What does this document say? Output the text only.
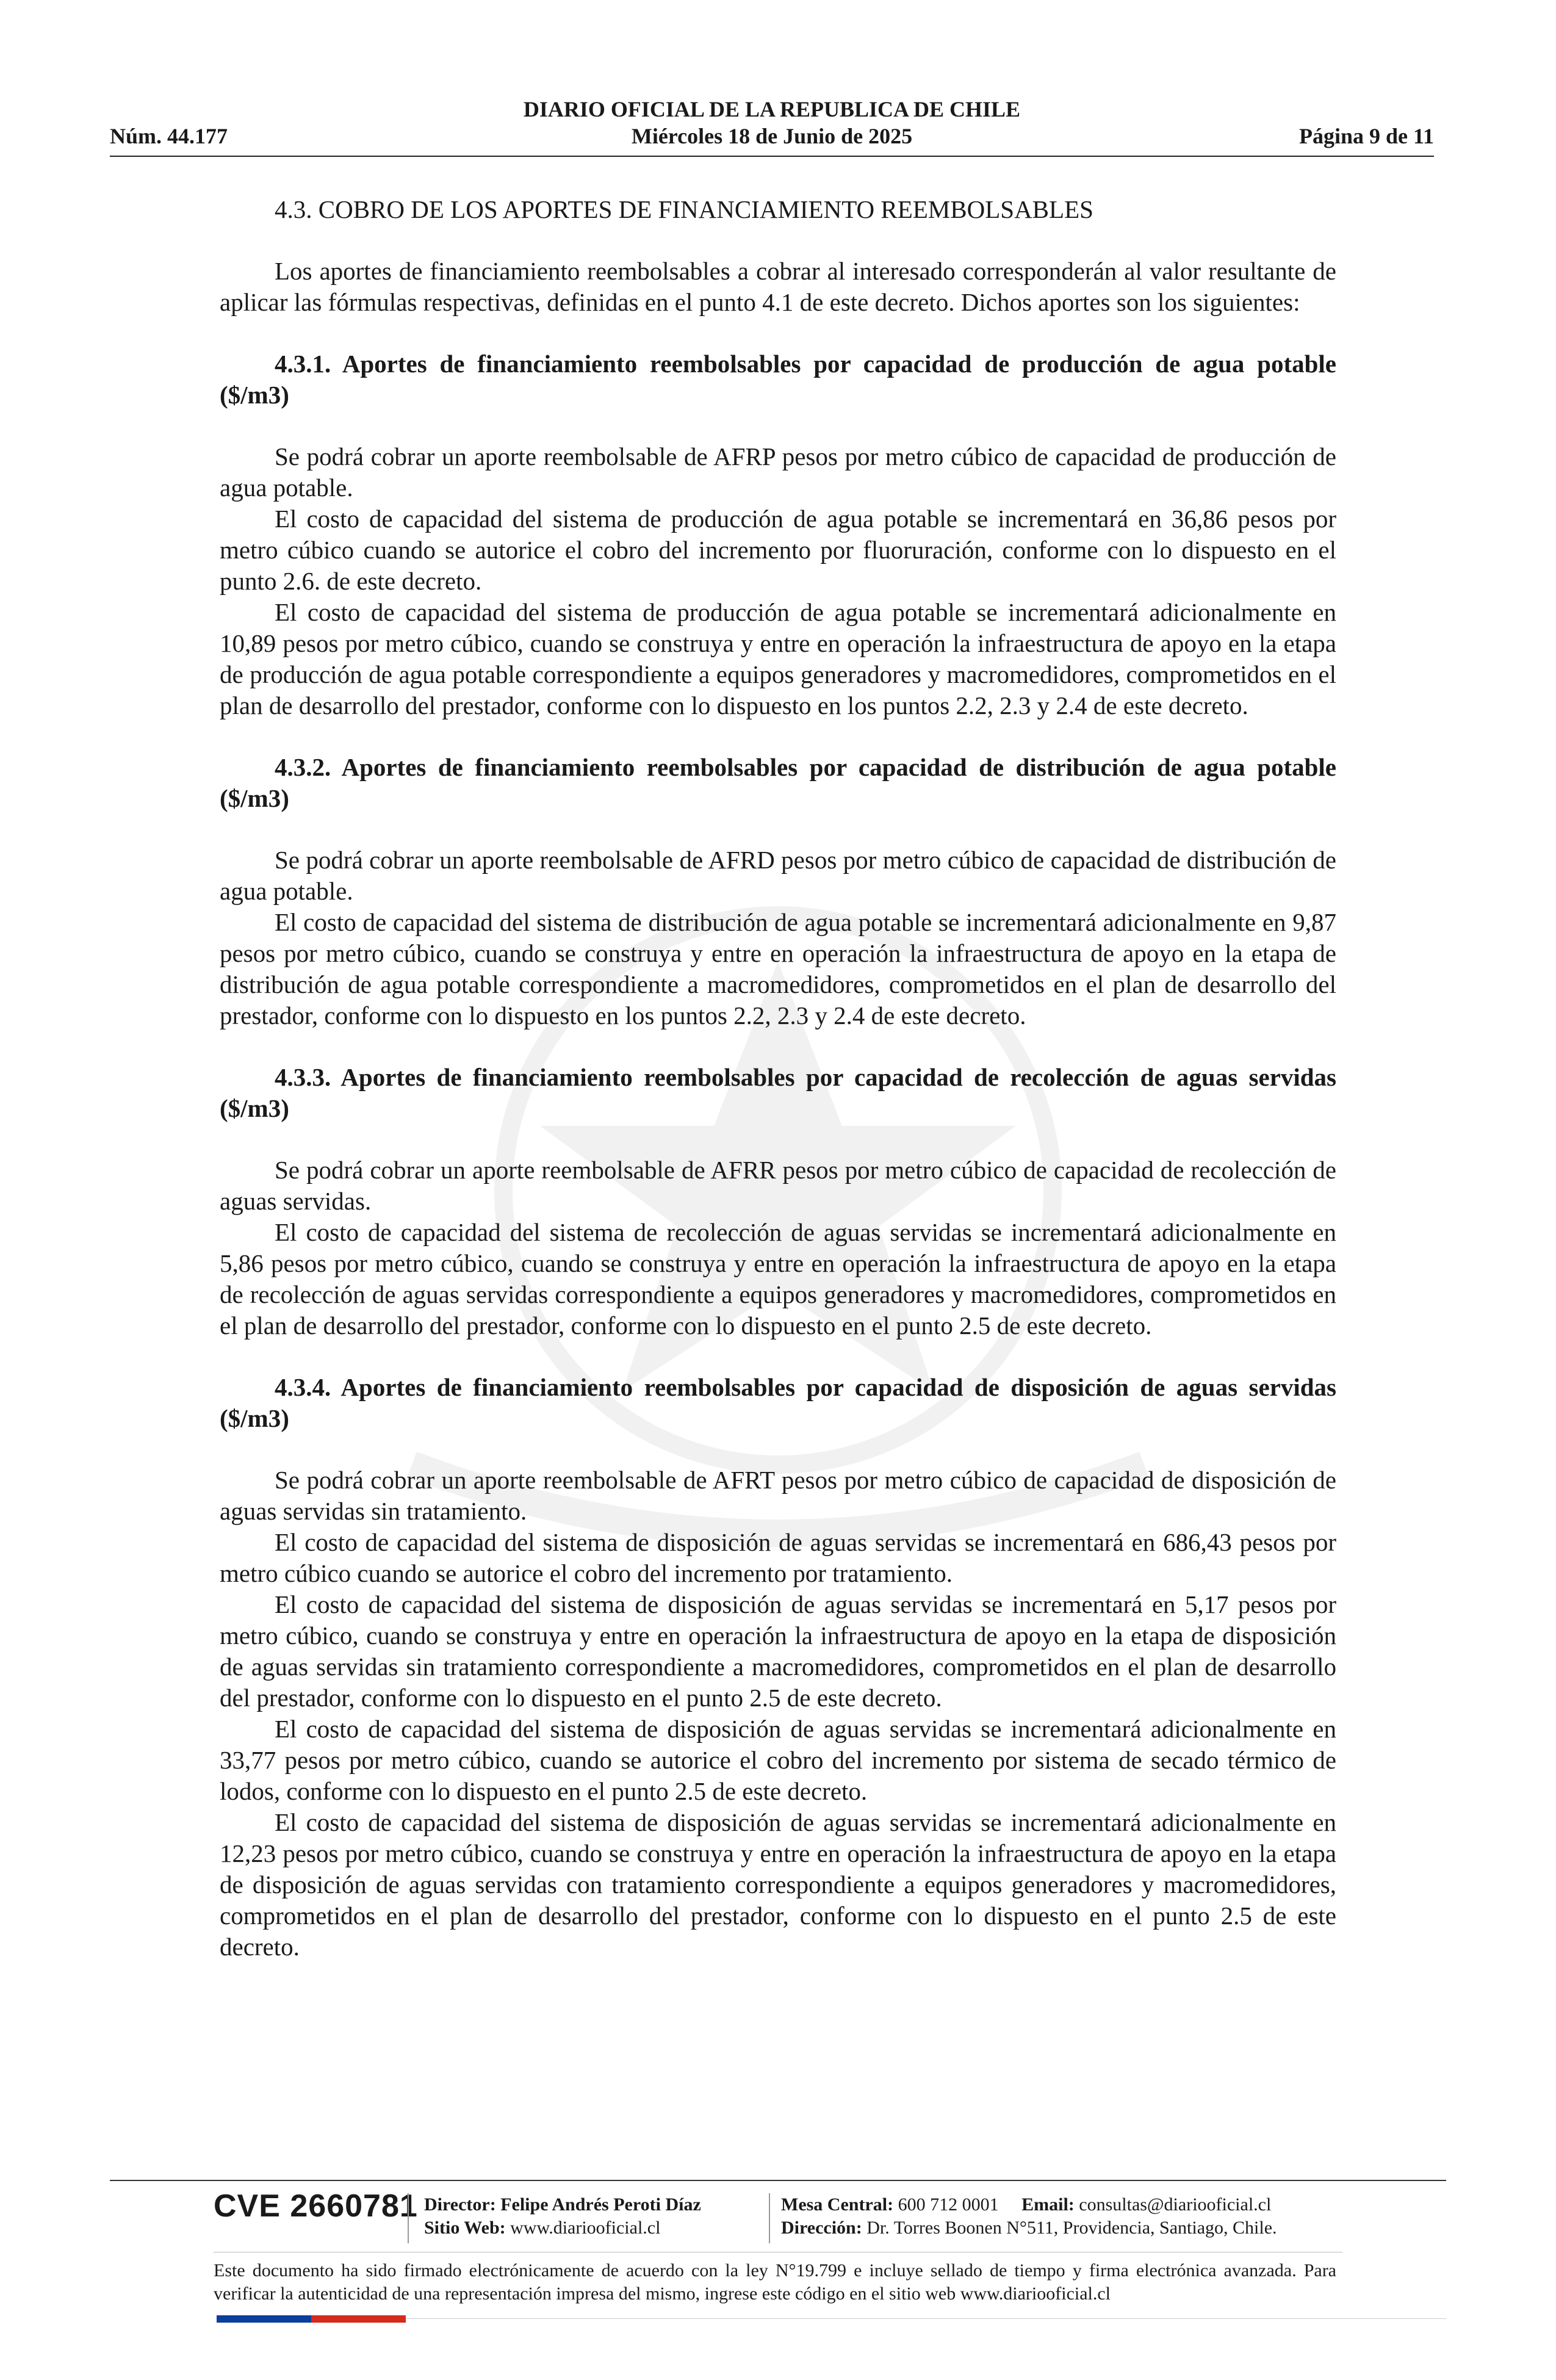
DIARIO OFICIAL DE LA REPUBLICA DE CHILE
Núm. 44.177	Miércoles 18 de Junio de 2025	Página 9 de 11
4.3. COBRO DE LOS APORTES DE FINANCIAMIENTO REEMBOLSABLES

Los aportes de financiamiento reembolsables a cobrar al interesado corresponderán al valor resultante de aplicar las fórmulas respectivas, definidas en el punto 4.1 de este decreto. Dichos aportes son los siguientes:

4.3.1. Aportes de financiamiento reembolsables por capacidad de producción de agua potable ($/m3)

Se podrá cobrar un aporte reembolsable de AFRP pesos por metro cúbico de capacidad de producción de agua potable.

El costo de capacidad del sistema de producción de agua potable se incrementará en 36,86 pesos por metro cúbico cuando se autorice el cobro del incremento por fluoruración, conforme con lo dispuesto en el punto 2.6. de este decreto.

El costo de capacidad del sistema de producción de agua potable se incrementará adicionalmente en 10,89 pesos por metro cúbico, cuando se construya y entre en operación la infraestructura de apoyo en la etapa de producción de agua potable correspondiente a equipos generadores y macromedidores, comprometidos en el plan de desarrollo del prestador, conforme con lo dispuesto en los puntos 2.2, 2.3 y 2.4 de este decreto.

4.3.2. Aportes de financiamiento reembolsables por capacidad de distribución de agua potable ($/m3)

Se podrá cobrar un aporte reembolsable de AFRD pesos por metro cúbico de capacidad de distribución de agua potable.

El costo de capacidad del sistema de distribución de agua potable se incrementará adicionalmente en 9,87 pesos por metro cúbico, cuando se construya y entre en operación la infraestructura de apoyo en la etapa de distribución de agua potable correspondiente a macromedidores, comprometidos en el plan de desarrollo del prestador, conforme con lo dispuesto en los puntos 2.2, 2.3 y 2.4 de este decreto.

4.3.3. Aportes de financiamiento reembolsables por capacidad de recolección de aguas servidas ($/m3)

Se podrá cobrar un aporte reembolsable de AFRR pesos por metro cúbico de capacidad de recolección de aguas servidas.

El costo de capacidad del sistema de recolección de aguas servidas se incrementará adicionalmente en 5,86 pesos por metro cúbico, cuando se construya y entre en operación la infraestructura de apoyo en la etapa de recolección de aguas servidas correspondiente a equipos generadores y macromedidores, comprometidos en el plan de desarrollo del prestador, conforme con lo dispuesto en el punto 2.5 de este decreto.

4.3.4. Aportes de financiamiento reembolsables por capacidad de disposición de aguas servidas ($/m3)

Se podrá cobrar un aporte reembolsable de AFRT pesos por metro cúbico de capacidad de disposición de aguas servidas sin tratamiento.

El costo de capacidad del sistema de disposición de aguas servidas se incrementará en 686,43 pesos por metro cúbico cuando se autorice el cobro del incremento por tratamiento.

El costo de capacidad del sistema de disposición de aguas servidas se incrementará en 5,17 pesos por metro cúbico, cuando se construya y entre en operación la infraestructura de apoyo en la etapa de disposición de aguas servidas sin tratamiento correspondiente a macromedidores, comprometidos en el plan de desarrollo del prestador, conforme con lo dispuesto en el punto 2.5 de este decreto.

El costo de capacidad del sistema de disposición de aguas servidas se incrementará adicionalmente en 33,77 pesos por metro cúbico, cuando se autorice el cobro del incremento por sistema de secado térmico de lodos, conforme con lo dispuesto en el punto 2.5 de este decreto.

El costo de capacidad del sistema de disposición de aguas servidas se incrementará adicionalmente en 12,23 pesos por metro cúbico, cuando se construya y entre en operación la infraestructura de apoyo en la etapa de disposición de aguas servidas con tratamiento correspondiente a equipos generadores y macromedidores, comprometidos en el plan de desarrollo del prestador, conforme con lo dispuesto en el punto 2.5 de este decreto.

CVE 2660781 Director: Felipe Andrés Peroti Díaz
Sitio Web: www.diariooficial.cl
Mesa Central: 600 712 0001 Email: consultas@diariooficial.cl
Dirección: Dr. Torres Boonen N°511, Providencia, Santiago, Chile.
Este documento ha sido firmado electrónicamente de acuerdo con la ley N°19.799 e incluye sellado de tiempo y firma electrónica avanzada. Para verificar la autenticidad de una representación impresa del mismo, ingrese este código en el sitio web www.diariooficial.cl
